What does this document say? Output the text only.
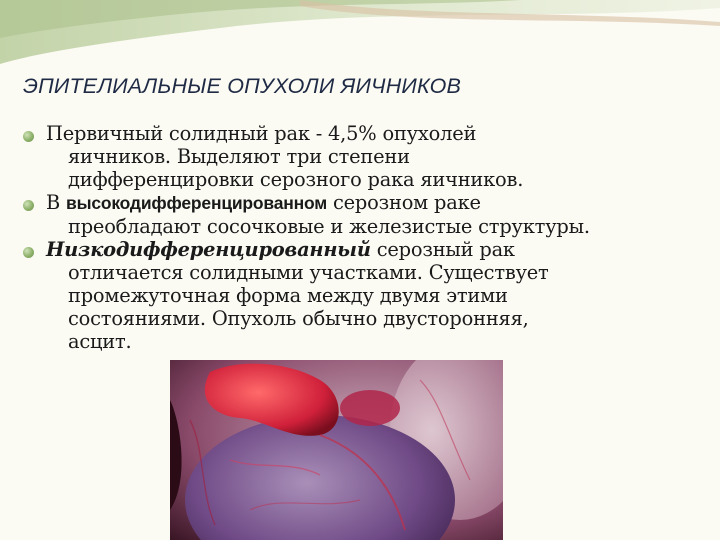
ЭПИТЕЛИАЛЬНЫЕ ОПУХОЛИ ЯИЧНИКОВ
Первичный солидный рак - 4,5% опухолей
яичников. Выделяют три степени
дифференцировки серозного рака яичников.
В высокодифференцированном серозном раке
преобладают сосочковые и железистые структуры.
Низкодифференцированный серозный рак
отличается солидными участками. Существует
промежуточная форма между двумя этими
состояниями. Опухоль обычно двусторонняя,
асцит.
